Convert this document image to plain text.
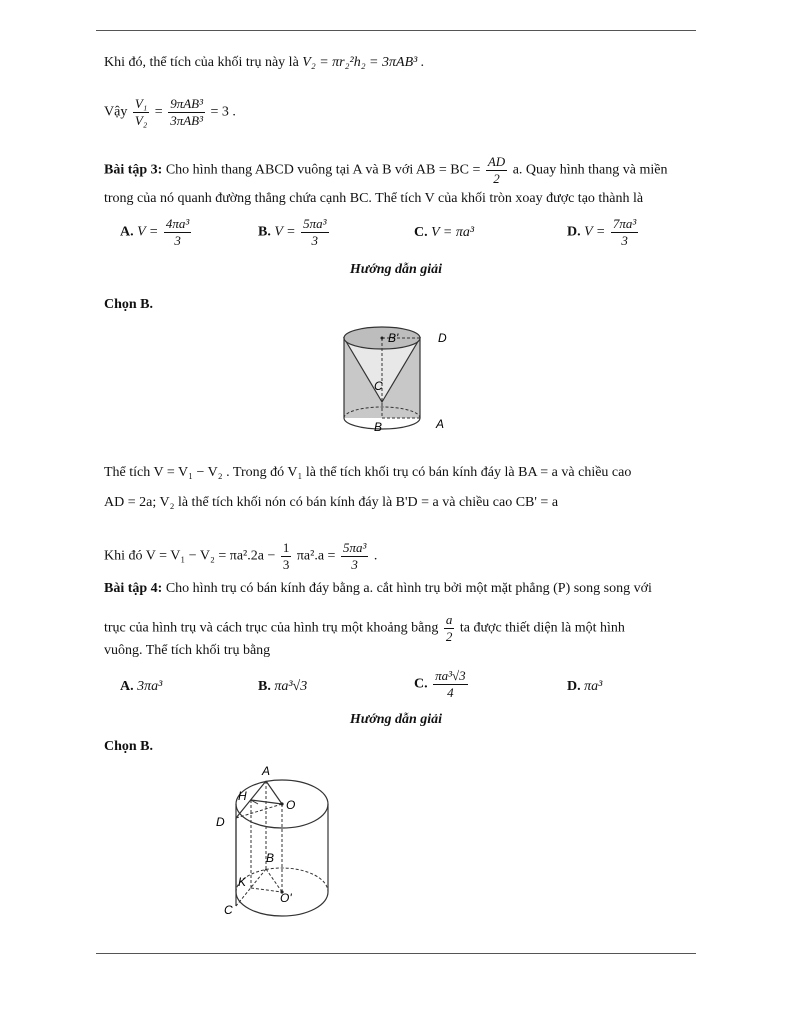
Khi đó, thể tích của khối trụ này là V₂ = πr₂²h₂ = 3πAB³ .
Vậy $\frac{\text{V₁}}{\text{V₂}} = \frac{\text{9πAB³}}{\text{3πAB³}} = 3$ .
Bài tập 3: Cho hình thang ABCD vuông tại A và B với AB = BC = $\frac{AD}{2} a$. Quay hình thang và miền
trong của nó quanh đường thẳng chứa cạnh BC. Thể tích V của khối tròn xoay được tạo thành là
A. $V = \frac{\text{4πa³}}{3}$	B. $V = \frac{\text{5πa³}}{3}$	C. V = πa³	D. $V = \frac{\text{7πa³}}{3}$
Hướng dẫn giải
Chọn B.
B'	D
C
B	A
Thể tích V = V₁ − V₂ . Trong đó V₁ là thể tích khối trụ có bán kính đáy là BA = a và chiều cao
AD = 2a; V₂ là thể tích khối nón có bán kính đáy là B'D = a và chiều cao CB' = a
Khi đó $V = V_1 - V_2 = \pi a^2.2a - \frac{1}{3} \pi a^2.a = \frac{\text{5πa³}}{3}$ .
Bài tập 4: Cho hình trụ có bán kính đáy bằng a. cắt hình trụ bởi một mặt phẳng (P) song song với
trục của hình trụ và cách trục của hình trụ một khoảng bằng $\frac{a}{2}$ ta được thiết diện là một hình
vuông. Thể tích khối trụ bằng
A. 3πa³	B. πa³√3	C. $\frac{\text{πa³√3}}{4}$	D. πa³
Hướng dẫn giải
Chọn B.
A
H
O
D
B
K
O'
C
